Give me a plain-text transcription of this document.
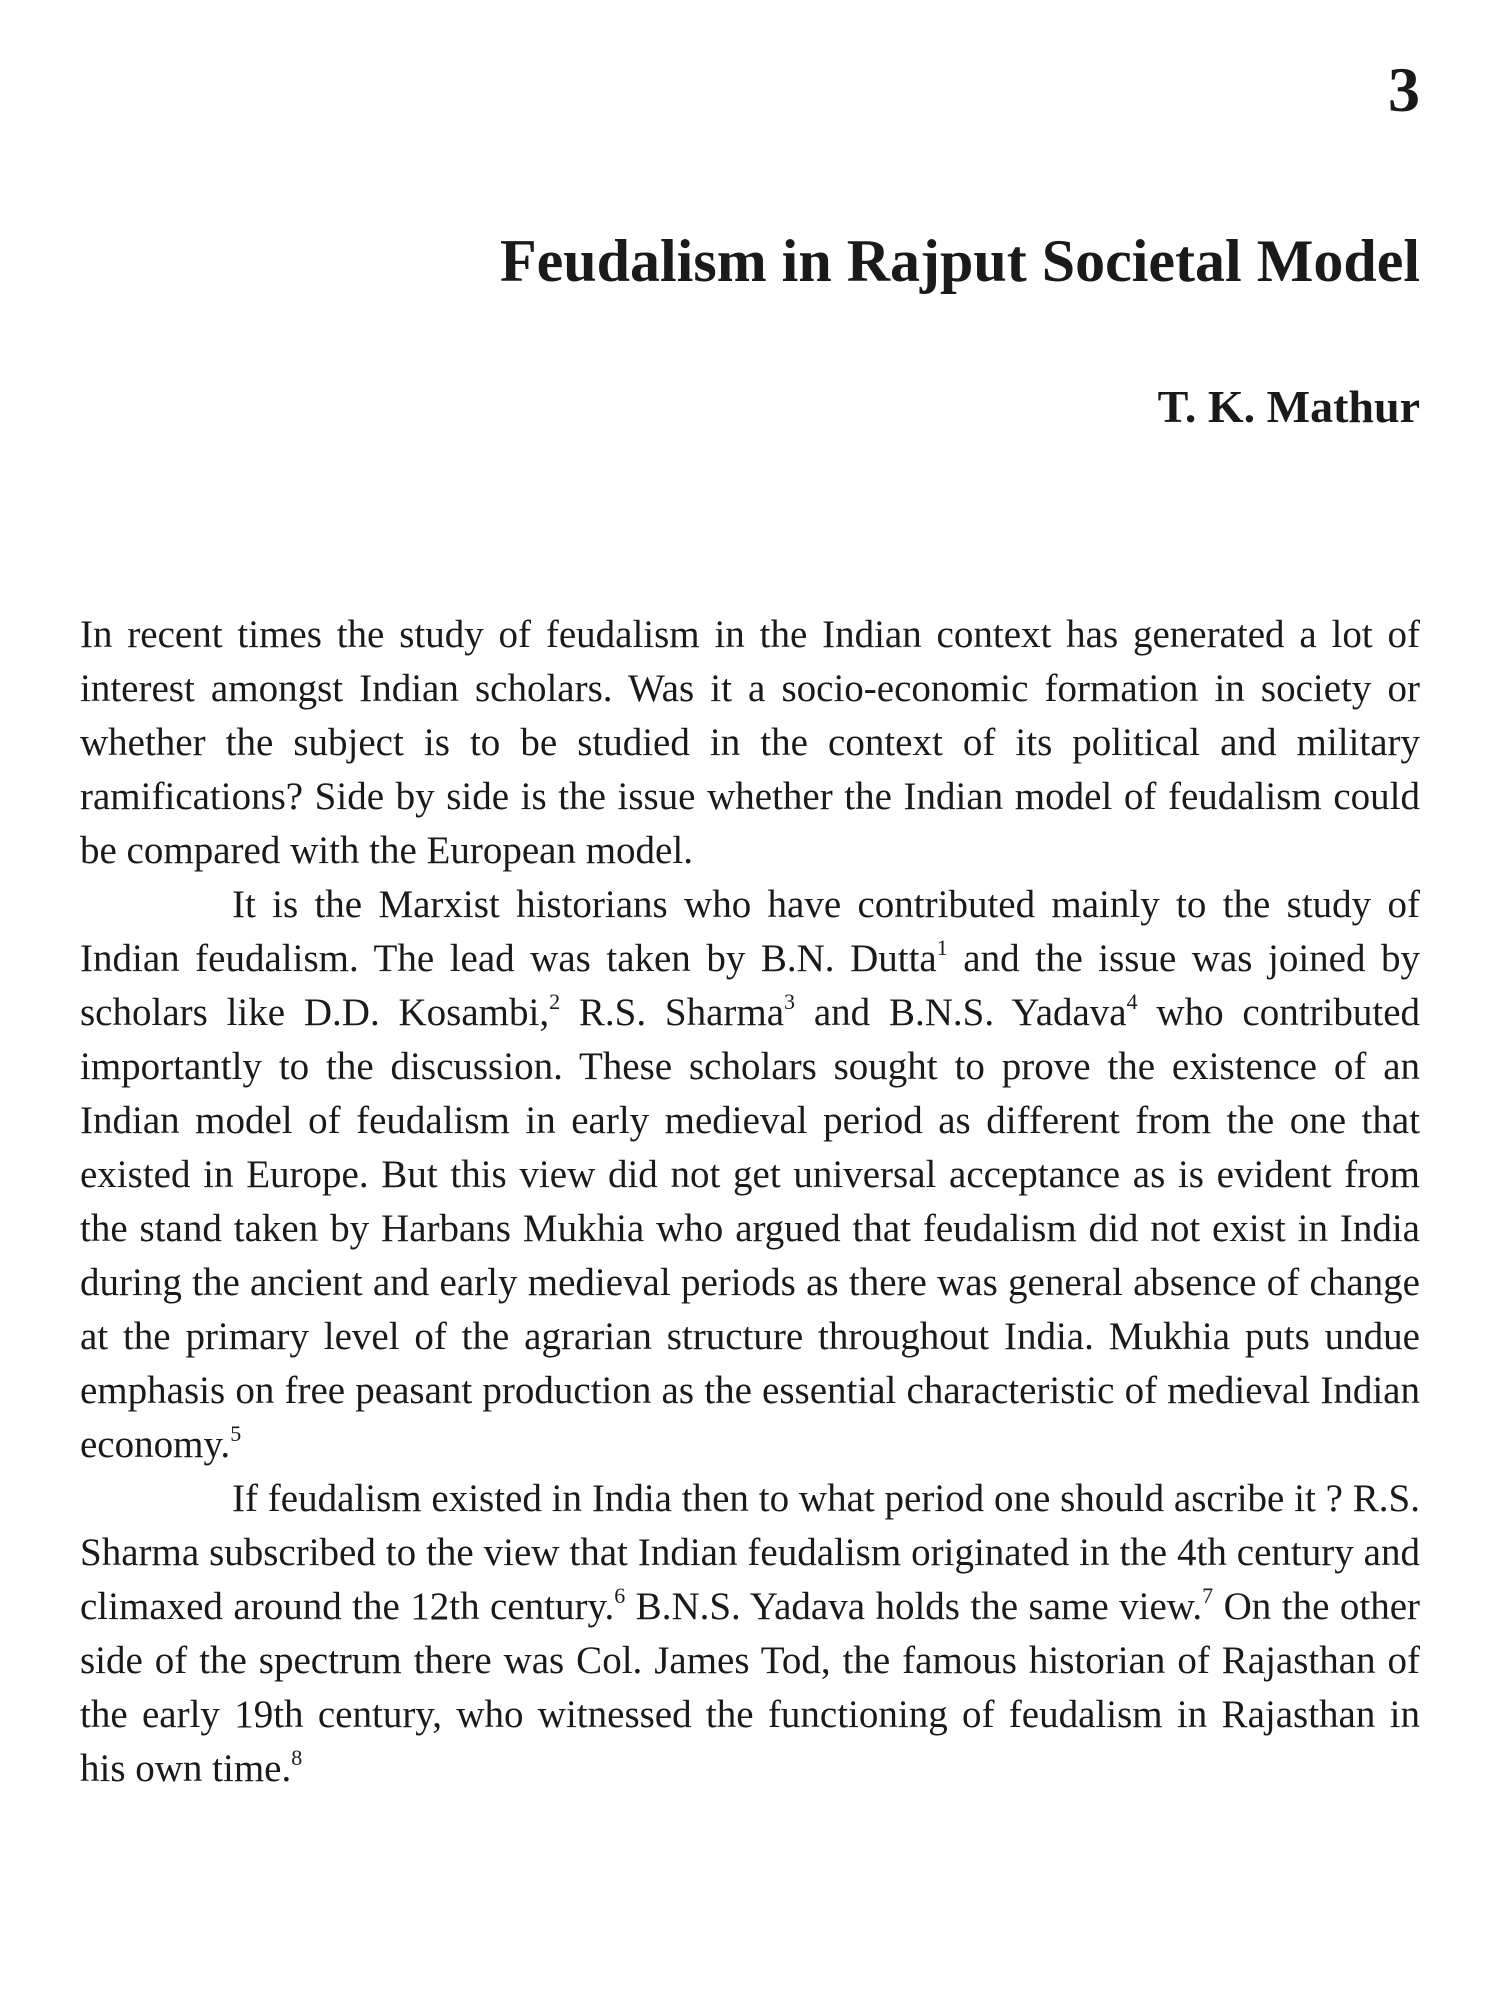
3
Feudalism in Rajput Societal Model
T. K. Mathur

In recent times the study of feudalism in the Indian context has generated a lot of interest amongst Indian scholars. Was it a socio-economic formation in society or whether the subject is to be studied in the context of its political and military ramifications? Side by side is the issue whether the Indian model of feudalism could be compared with the European model.

It is the Marxist historians who have contributed mainly to the study of Indian feudalism. The lead was taken by B.N. Dutta$^1$ and the issue was joined by scholars like D.D. Kosambi,$^2$ R.S. Sharma$^3$ and B.N.S. Yadava$^4$ who contributed importantly to the discussion. These scholars sought to prove the existence of an Indian model of feudalism in early medieval period as different from the one that existed in Europe. But this view did not get universal acceptance as is evident from the stand taken by Harbans Mukhia who argued that feudalism did not exist in India during the ancient and early medieval periods as there was general absence of change at the primary level of the agrarian structure throughout India. Mukhia puts undue emphasis on free peasant production as the essential characteristic of medieval Indian economy.$^5$

If feudalism existed in India then to what period one should ascribe it ? R.S. Sharma subscribed to the view that Indian feudalism originated in the 4th century and climaxed around the 12th century.$^6$ B.N.S. Yadava holds the same view.$^7$ On the other side of the spectrum there was Col. James Tod, the famous historian of Rajasthan of the early 19th century, who witnessed the functioning of feudalism in Rajasthan in his own time.$^8$
